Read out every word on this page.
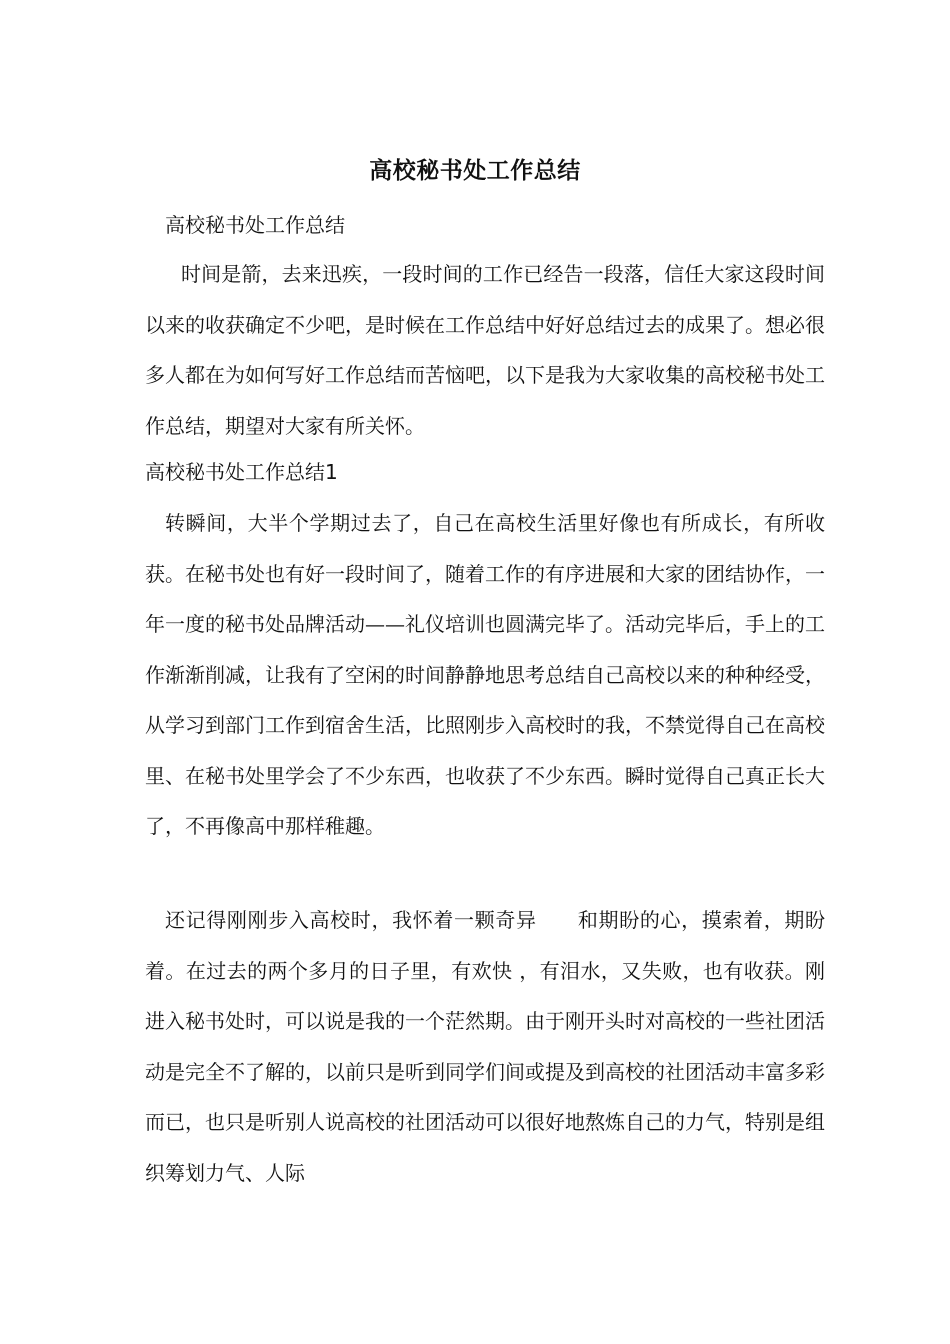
高校秘书处工作总结
高校秘书处工作总结
时间是箭，去来迅疾，一段时间的工作已经告一段落，信任大家这段时间以来的收获确定不少吧，是时候在工作总结中好好总结过去的成果了。想必很多人都在为如何写好工作总结而苦恼吧，以下是我为大家收集的高校秘书处工作总结，期望对大家有所关怀。
高校秘书处工作总结1
转瞬间，大半个学期过去了，自己在高校生活里好像也有所成长，有所收获。在秘书处也有好一段时间了，随着工作的有序进展和大家的团结协作，一年一度的秘书处品牌活动——礼仪培训也圆满完毕了。活动完毕后，手上的工作渐渐削减，让我有了空闲的时间静静地思考总结自己高校以来的种种经受，从学习到部门工作到宿舍生活，比照刚步入高校时的我，不禁觉得自己在高校里、在秘书处里学会了不少东西，也收获了不少东西。瞬时觉得自己真正长大了，不再像高中那样稚趣。
还记得刚刚步入高校时，我怀着一颗奇异　　和期盼的心，摸索着，期盼着。在过去的两个多月的日子里，有欢快 ，有泪水，又失败，也有收获。刚进入秘书处时，可以说是我的一个茫然期。由于刚开头时对高校的一些社团活动是完全不了解的，以前只是听到同学们间或提及到高校的社团活动丰富多彩而已，也只是听别人说高校的社团活动可以很好地熬炼自己的力气，特别是组织筹划力气、人际
